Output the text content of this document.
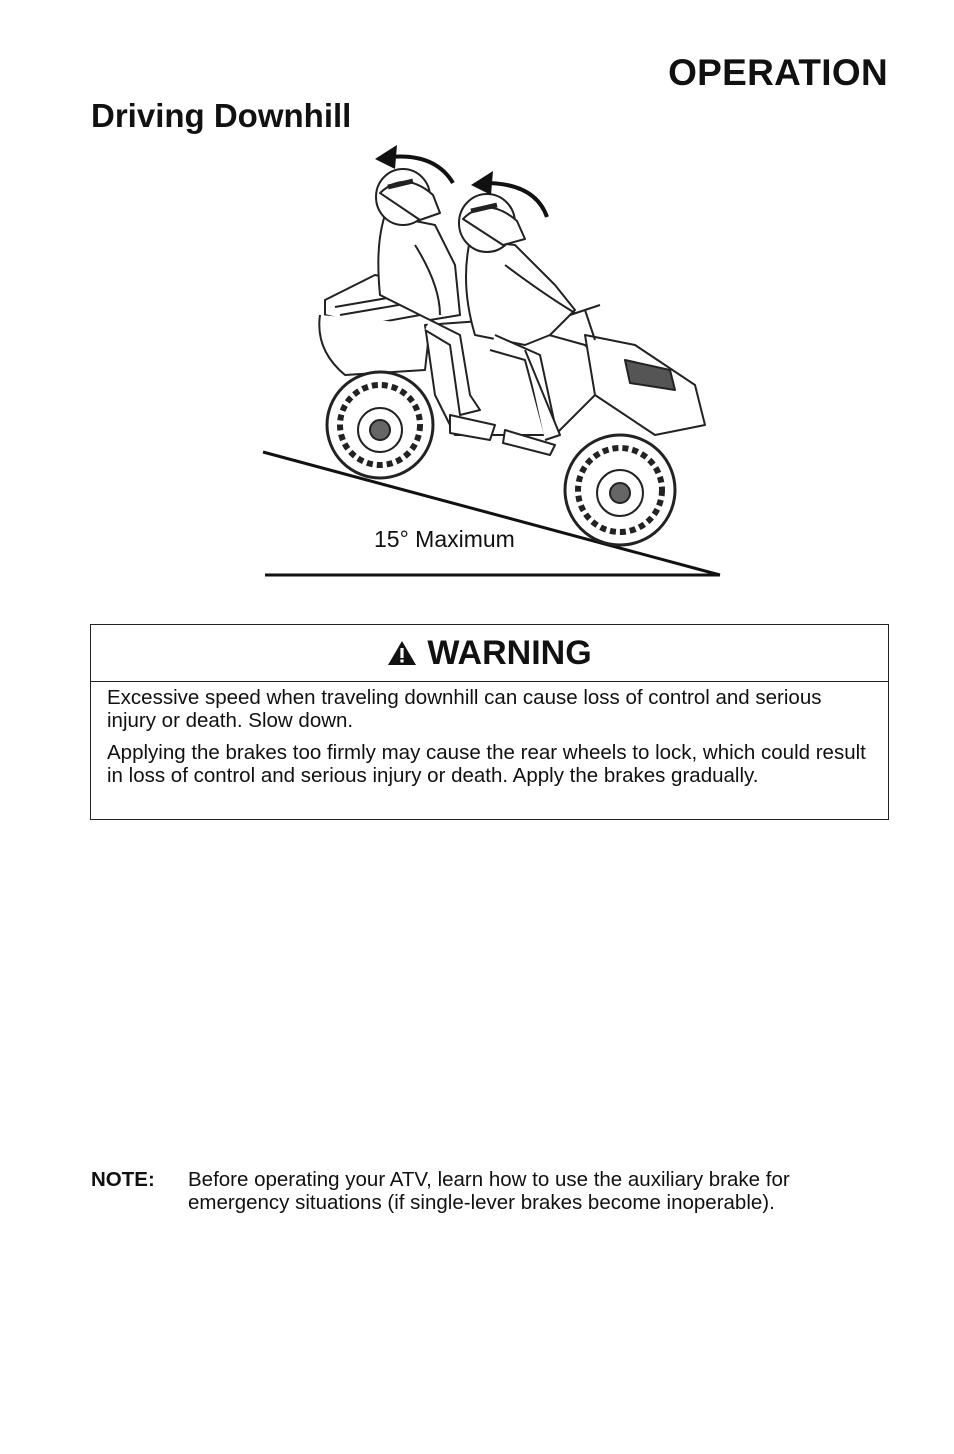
OPERATION
Driving Downhill
15° Maximum
WARNING

Excessive speed when traveling downhill can cause loss of control and serious injury or death. Slow down.

Applying the brakes too firmly may cause the rear wheels to lock, which could result in loss of control and serious injury or death. Apply the brakes gradually.

NOTE: Before operating your ATV, learn how to use the auxiliary brake for emergency situations (if single-lever brakes become inoperable).
